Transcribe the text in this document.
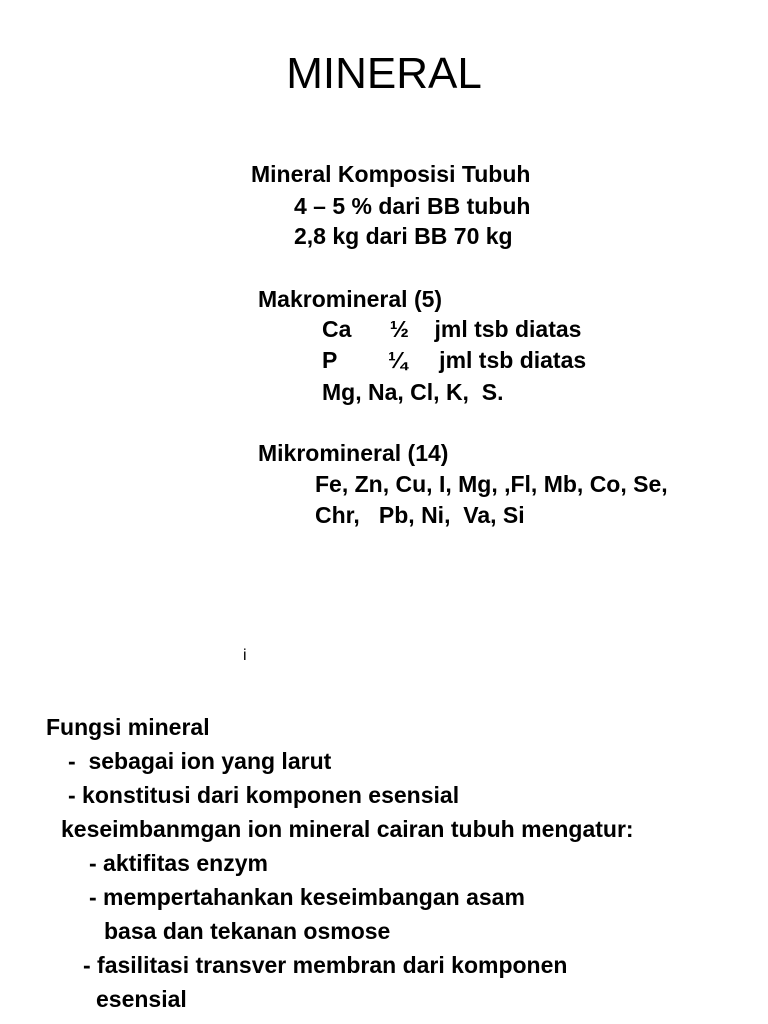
MINERAL

Mineral Komposisi Tubuh

4 – 5 % dari BB tubuh

2,8 kg dari BB 70 kg

Makromineral (5)

Ca      ½    jml tsb diatas

P        ¼     jml tsb diatas

Mg, Na, Cl, K,  S.

Mikromineral (14)

Fe, Zn, Cu, I, Mg, ,Fl, Mb, Co, Se,

Chr,   Pb, Ni,  Va, Si

i

Fungsi mineral

-  sebagai ion yang larut

- konstitusi dari komponen esensial

keseimbanmgan ion mineral cairan tubuh mengatur:

- aktifitas enzym

- mempertahankan keseimbangan asam

basa dan tekanan osmose

- fasilitasi transver membran dari komponen

esensial
